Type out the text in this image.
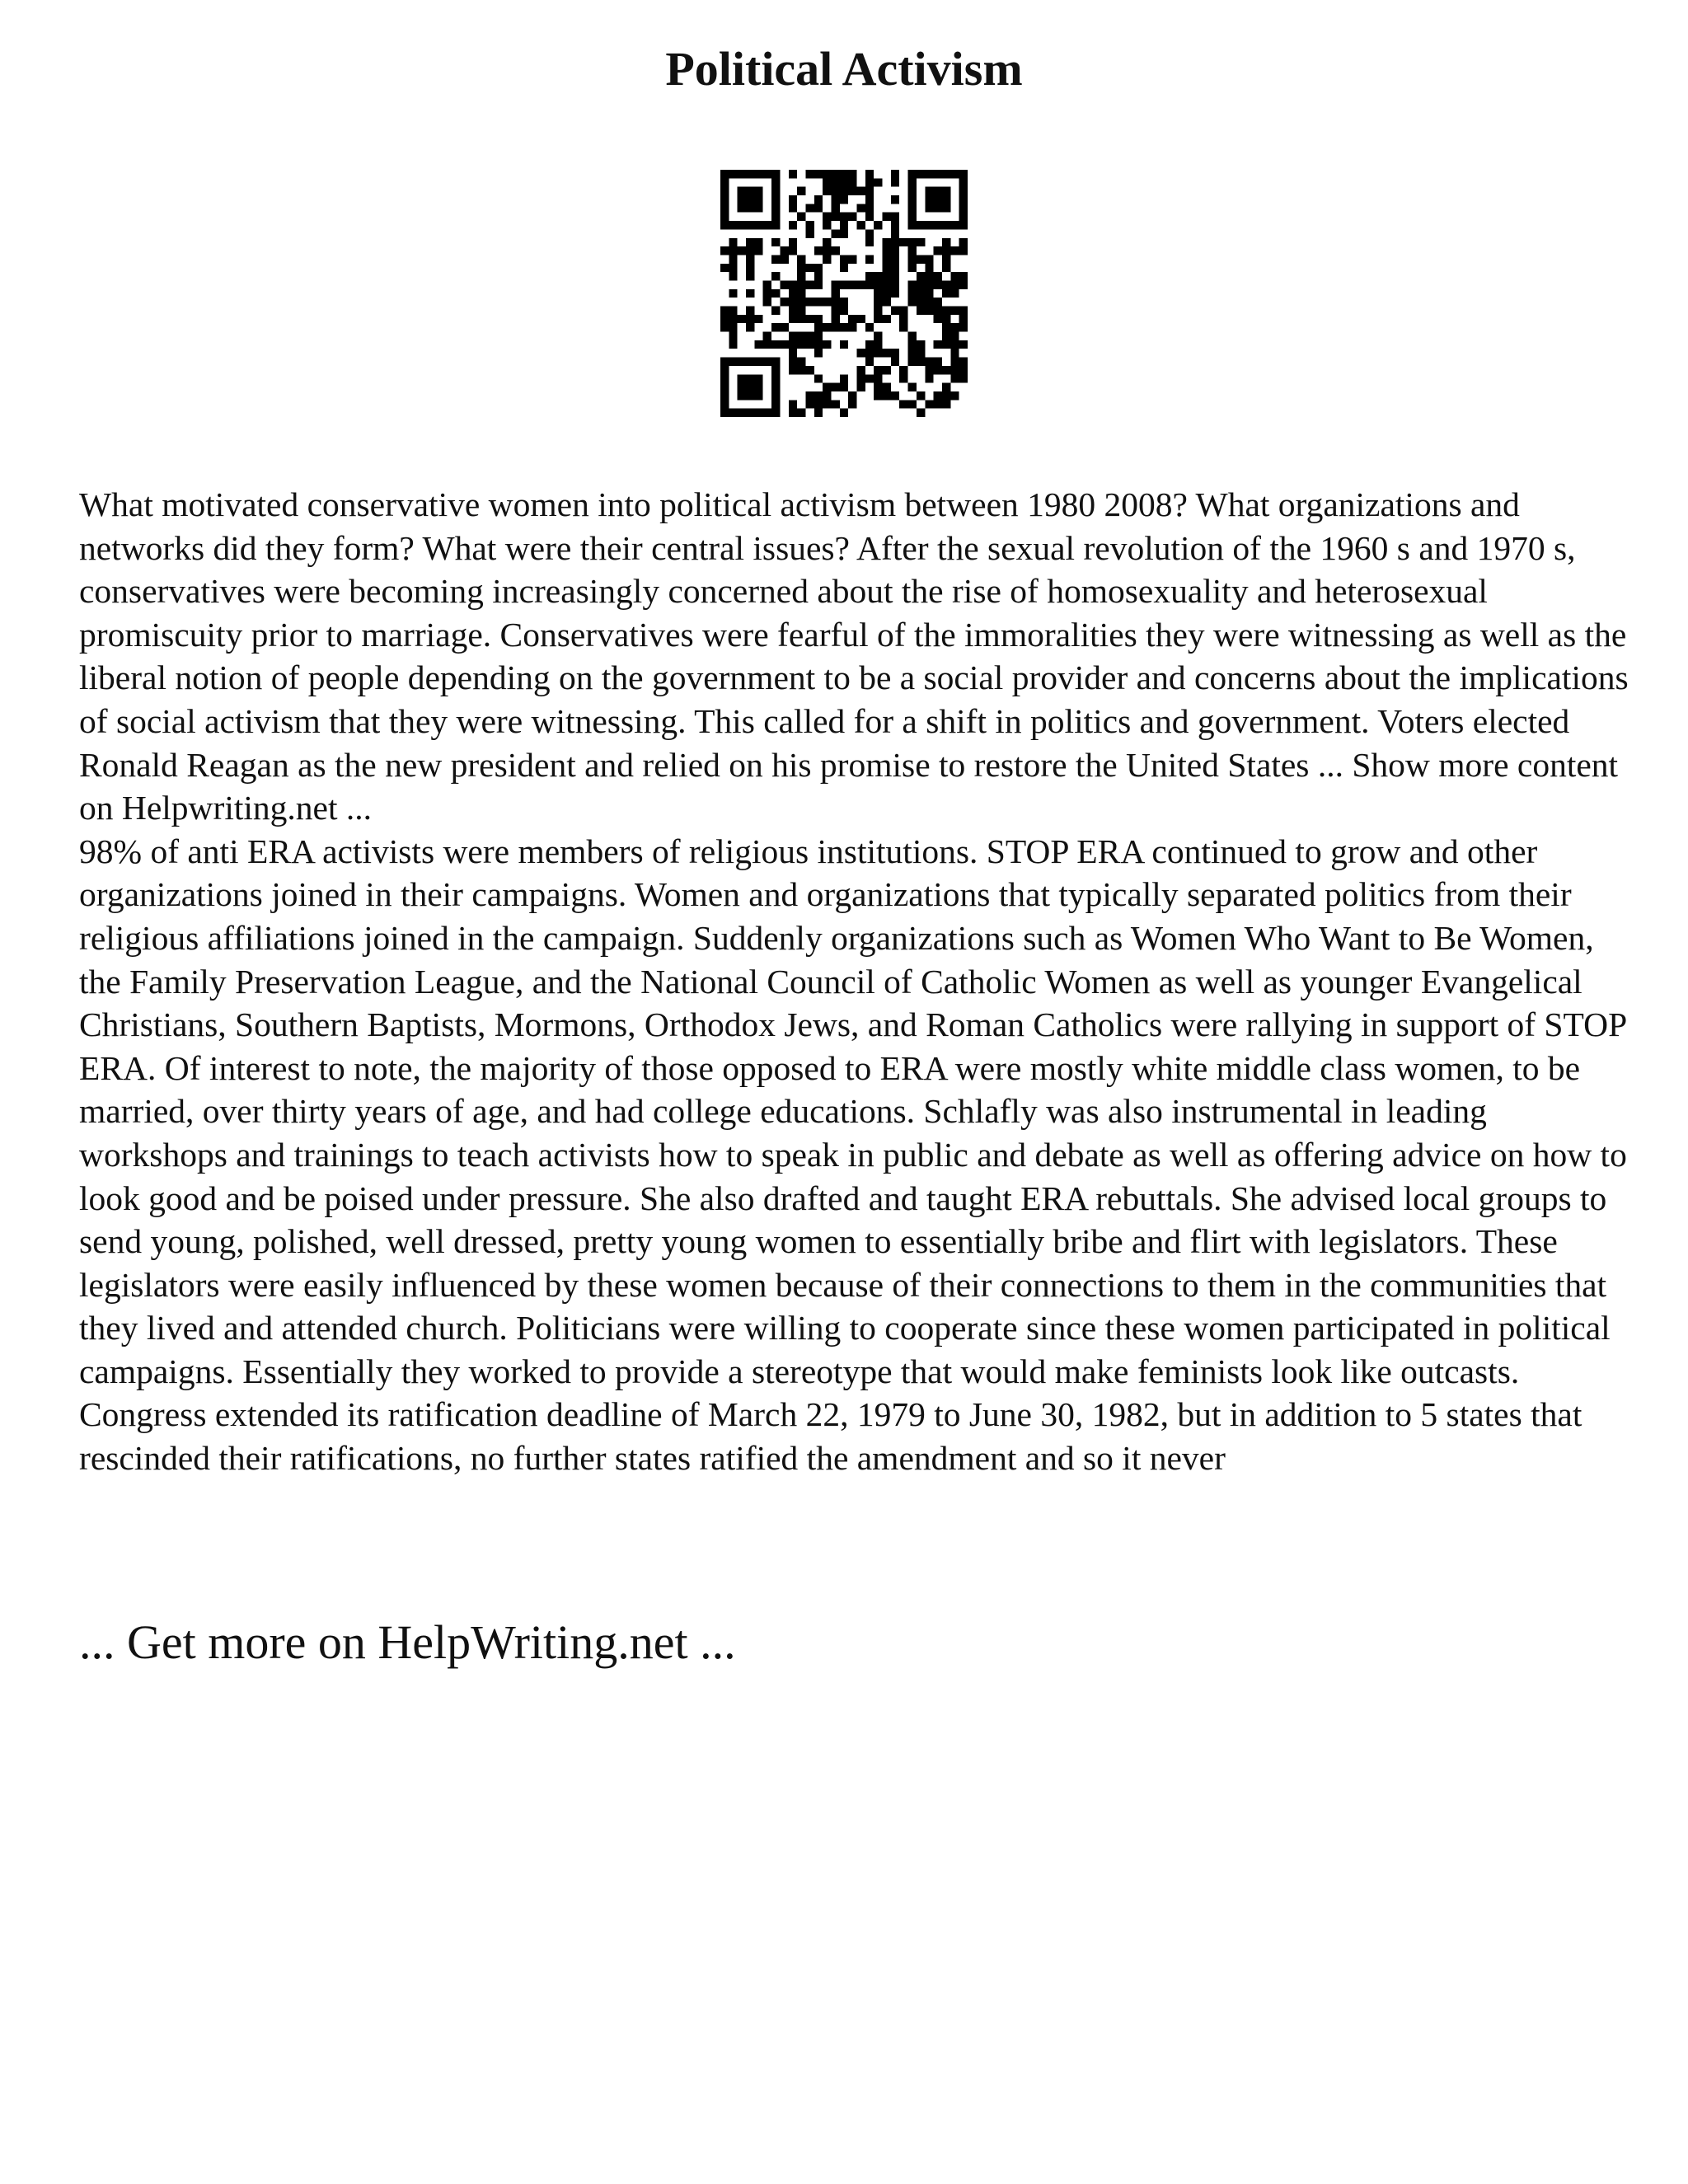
Political Activism

What motivated conservative women into political activism between 1980 2008? What organizations and networks did they form? What were their central issues? After the sexual revolution of the 1960 s and 1970 s, conservatives were becoming increasingly concerned about the rise of homosexuality and heterosexual promiscuity prior to marriage. Conservatives were fearful of the immoralities they were witnessing as well as the liberal notion of people depending on the government to be a social provider and concerns about the implications of social activism that they were witnessing. This called for a shift in politics and government. Voters elected Ronald Reagan as the new president and relied on his promise to restore the United States ... Show more content on Helpwriting.net ...

98% of anti ERA activists were members of religious institutions. STOP ERA continued to grow and other organizations joined in their campaigns. Women and organizations that typically separated politics from their religious affiliations joined in the campaign. Suddenly organizations such as Women Who Want to Be Women, the Family Preservation League, and the National Council of Catholic Women as well as younger Evangelical Christians, Southern Baptists, Mormons, Orthodox Jews, and Roman Catholics were rallying in support of STOP ERA. Of interest to note, the majority of those opposed to ERA were mostly white middle class women, to be married, over thirty years of age, and had college educations. Schlafly was also instrumental in leading workshops and trainings to teach activists how to speak in public and debate as well as offering advice on how to look good and be poised under pressure. She also drafted and taught ERA rebuttals. She advised local groups to send young, polished, well dressed, pretty young women to essentially bribe and flirt with legislators. These legislators were easily influenced by these women because of their connections to them in the communities that they lived and attended church. Politicians were willing to cooperate since these women participated in political campaigns. Essentially they worked to provide a stereotype that would make feminists look like outcasts. Congress extended its ratification deadline of March 22, 1979 to June 30, 1982, but in addition to 5 states that rescinded their ratifications, no further states ratified the amendment and so it never

... Get more on HelpWriting.net ...
